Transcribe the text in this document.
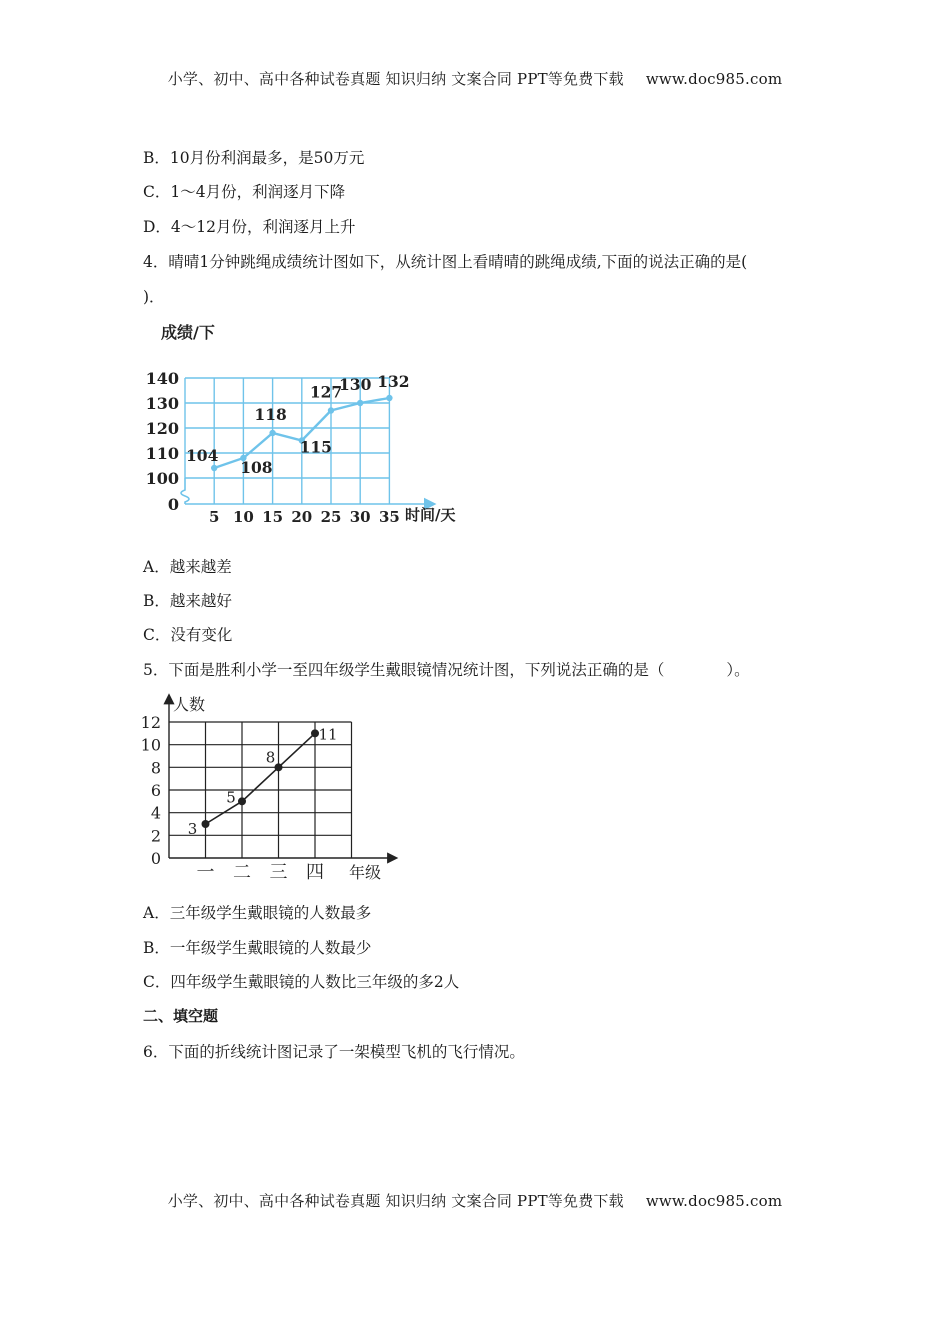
小学、初中、高中各种试卷真题 知识归纳 文案合同 PPT等免费下载 www.doc985.com
B．10月份利润最多，是50万元
C．1～4月份，利润逐月下降
D．4～12月份，利润逐月上升
4．晴晴1分钟跳绳成绩统计图如下，从统计图上看晴晴的跳绳成绩,下面的说法正确的是(
)．
0
100
110
120
130
140
5 10 15 20 25 30 35
104
108
118
115
127
130 132
成绩/下
时间/天
A．越来越差
B．越来越好
C．没有变化
5．下面是胜利小学一至四年级学生戴眼镜情况统计图，下列说法正确的是（　　　　）。
0
2
4
6
8
10
12
一 二 三 四
3
5
8
11
人数
年级
A．三年级学生戴眼镜的人数最多
B．一年级学生戴眼镜的人数最少
C．四年级学生戴眼镜的人数比三年级的多2人
二、填空题
6．下面的折线统计图记录了一架模型飞机的飞行情况。
小学、初中、高中各种试卷真题 知识归纳 文案合同 PPT等免费下载 www.doc985.com
